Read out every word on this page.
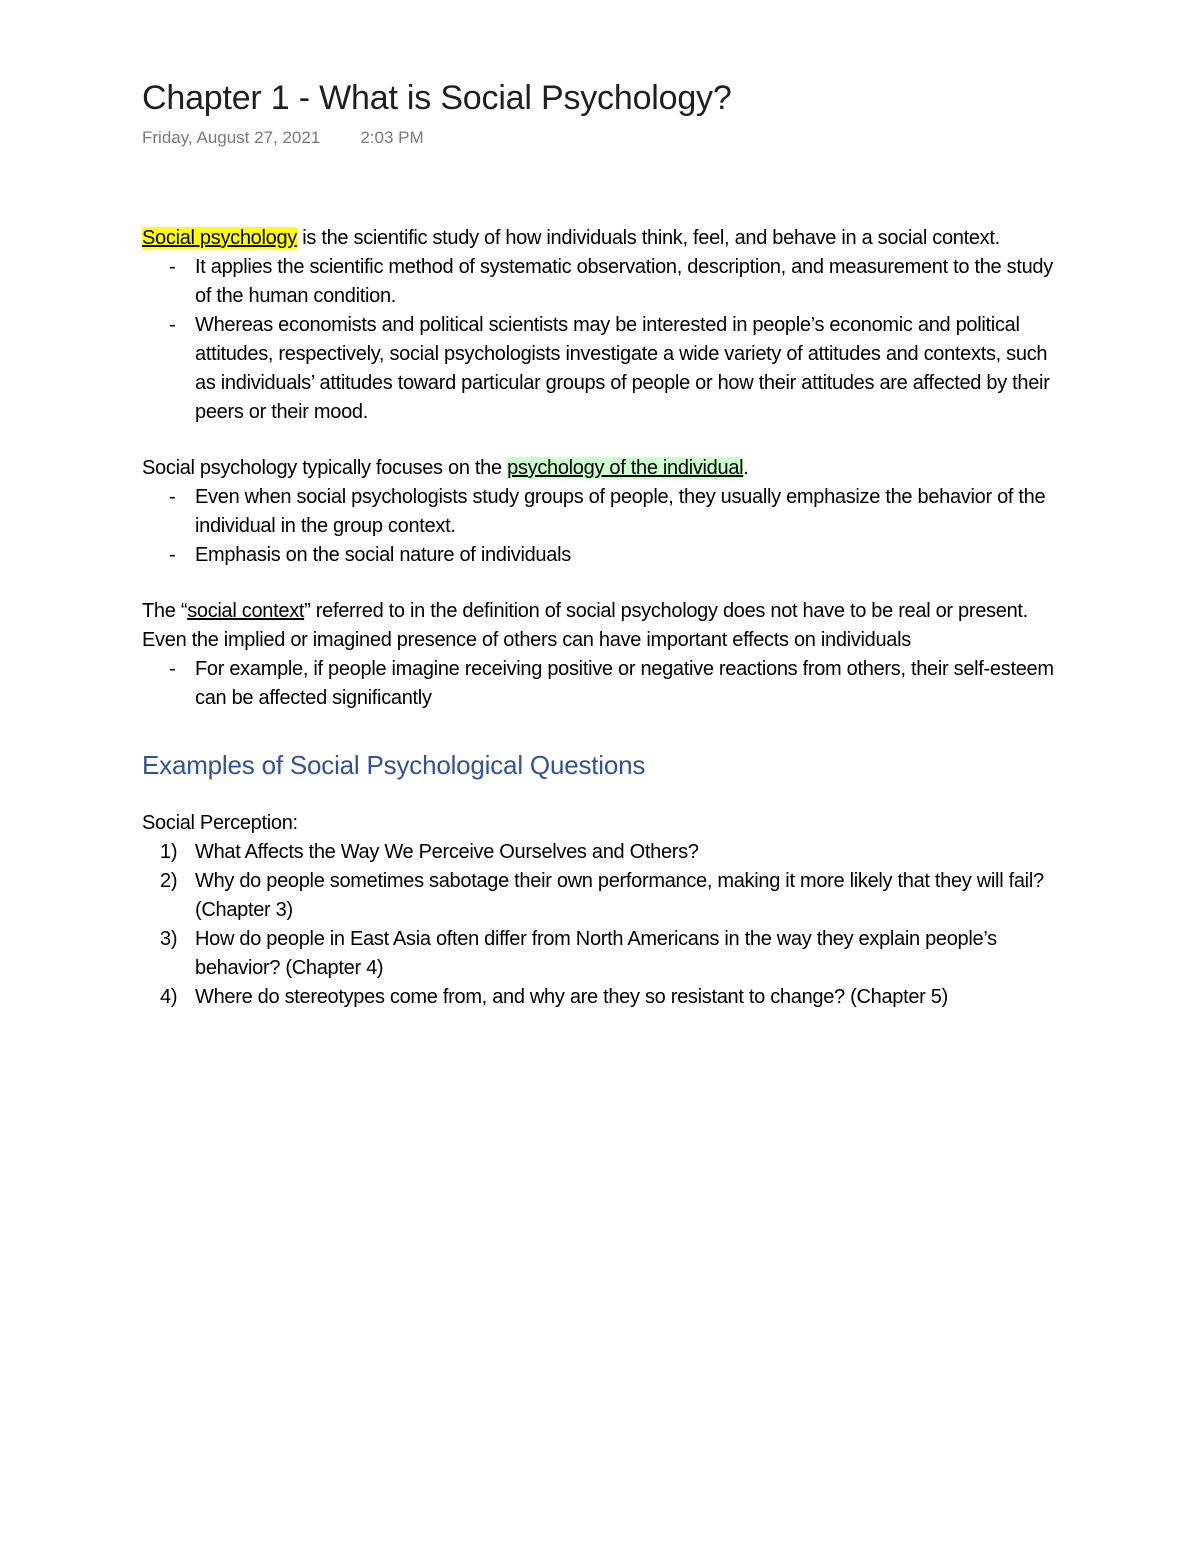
Chapter 1 - What is Social Psychology?
Friday, August 27, 2021 2:03 PM

Social psychology is the scientific study of how individuals think, feel, and behave in a social context.

- It applies the scientific method of systematic observation, description, and measurement to the study of the human condition.
- Whereas economists and political scientists may be interested in people’s economic and political attitudes, respectively, social psychologists investigate a wide variety of attitudes and contexts, such as individuals’ attitudes toward particular groups of people or how their attitudes are affected by their peers or their mood.

Social psychology typically focuses on the psychology of the individual.

- Even when social psychologists study groups of people, they usually emphasize the behavior of the individual in the group context.
- Emphasis on the social nature of individuals

The “social context” referred to in the definition of social psychology does not have to be real or present. Even the implied or imagined presence of others can have important effects on individuals

- For example, if people imagine receiving positive or negative reactions from others, their self-esteem can be affected significantly
Examples of Social Psychological Questions

Social Perception:

1) What Affects the Way We Perceive Ourselves and Others?
2) Why do people sometimes sabotage their own performance, making it more likely that they will fail? (Chapter 3)
3) How do people in East Asia often differ from North Americans in the way they explain people’s behavior? (Chapter 4)
4) Where do stereotypes come from, and why are they so resistant to change? (Chapter 5)
